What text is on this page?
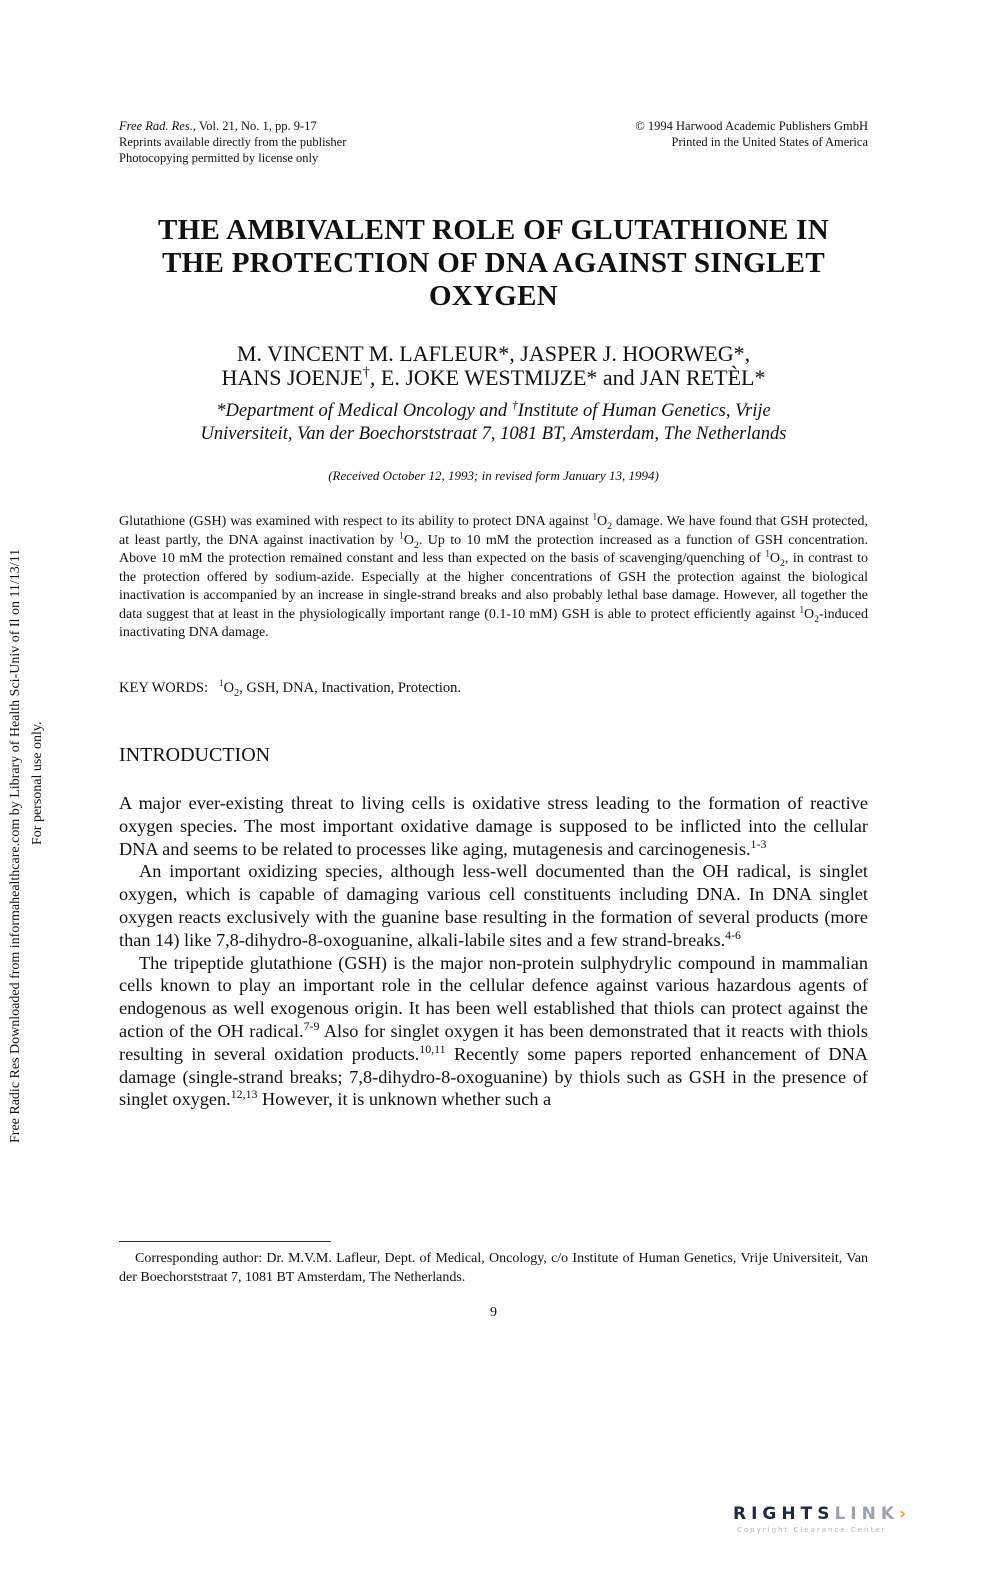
Free Rad. Res., Vol. 21, No. 1, pp. 9-17
Reprints available directly from the publisher
Photocopying permitted by license only
© 1994 Harwood Academic Publishers GmbH
Printed in the United States of America
Free Radic Res Downloaded from informahealthcare.com by Library of Health Sci-Univ of Il on 11/13/11 For personal use only.
THE AMBIVALENT ROLE OF GLUTATHIONE IN
THE PROTECTION OF DNA AGAINST SINGLET
OXYGEN
M. VINCENT M. LAFLEUR*, JASPER J. HOORWEG*,
HANS JOENJE†, E. JOKE WESTMIJZE* and JAN RETÈL*
*Department of Medical Oncology and †Institute of Human Genetics, Vrije
Universiteit, Van der Boechorststraat 7, 1081 BT, Amsterdam, The Netherlands
(Received October 12, 1993; in revised form January 13, 1994)
Glutathione (GSH) was examined with respect to its ability to protect DNA against $^1O_2$ damage. We have found that GSH protected, at least partly, the DNA against inactivation by $^1O_2$. Up to 10 mM the protection increased as a function of GSH concentration. Above 10 mM the protection remained constant and less than expected on the basis of scavenging/quenching of $^1O_2$, in contrast to the protection offered by sodium-azide. Especially at the higher concentrations of GSH the protection against the biological inactivation is accompanied by an increase in single-strand breaks and also probably lethal base damage. However, all together the data suggest that at least in the physiologically important range (0.1-10 mM) GSH is able to protect efficiently against $^1O_2$-induced inactivating DNA damage.
KEY WORDS: $^1O_2$, GSH, DNA, Inactivation, Protection.
INTRODUCTION

A major ever-existing threat to living cells is oxidative stress leading to the formation of reactive oxygen species. The most important oxidative damage is supposed to be inflicted into the cellular DNA and seems to be related to processes like aging, mutagenesis and carcinogenesis.$^{1-3}$

An important oxidizing species, although less-well documented than the OH radical, is singlet oxygen, which is capable of damaging various cell constituents including DNA. In DNA singlet oxygen reacts exclusively with the guanine base resulting in the formation of several products (more than 14) like 7,8-dihydro-8-oxoguanine, alkali-labile sites and a few strand-breaks.$^{4-6}$

The tripeptide glutathione (GSH) is the major non-protein sulphydrylic compound in mammalian cells known to play an important role in the cellular defence against various hazardous agents of endogenous as well exogenous origin. It has been well established that thiols can protect against the action of the OH radical.$^{7-9}$ Also for singlet oxygen it has been demonstrated that it reacts with thiols resulting in several oxidation products.$^{10,11}$ Recently some papers reported enhancement of DNA damage (single-strand breaks; 7,8-dihydro-8-oxoguanine) by thiols such as GSH in the presence of singlet oxygen.$^{12,13}$ However, it is unknown whether such a

Corresponding author: Dr. M.V.M. Lafleur, Dept. of Medical, Oncology, c/o Institute of Human Genetics, Vrije Universiteit, Van der Boechorststraat 7, 1081 BT Amsterdam, The Netherlands.
9
RIGHTSLINK›
Copyright Clearance Center
